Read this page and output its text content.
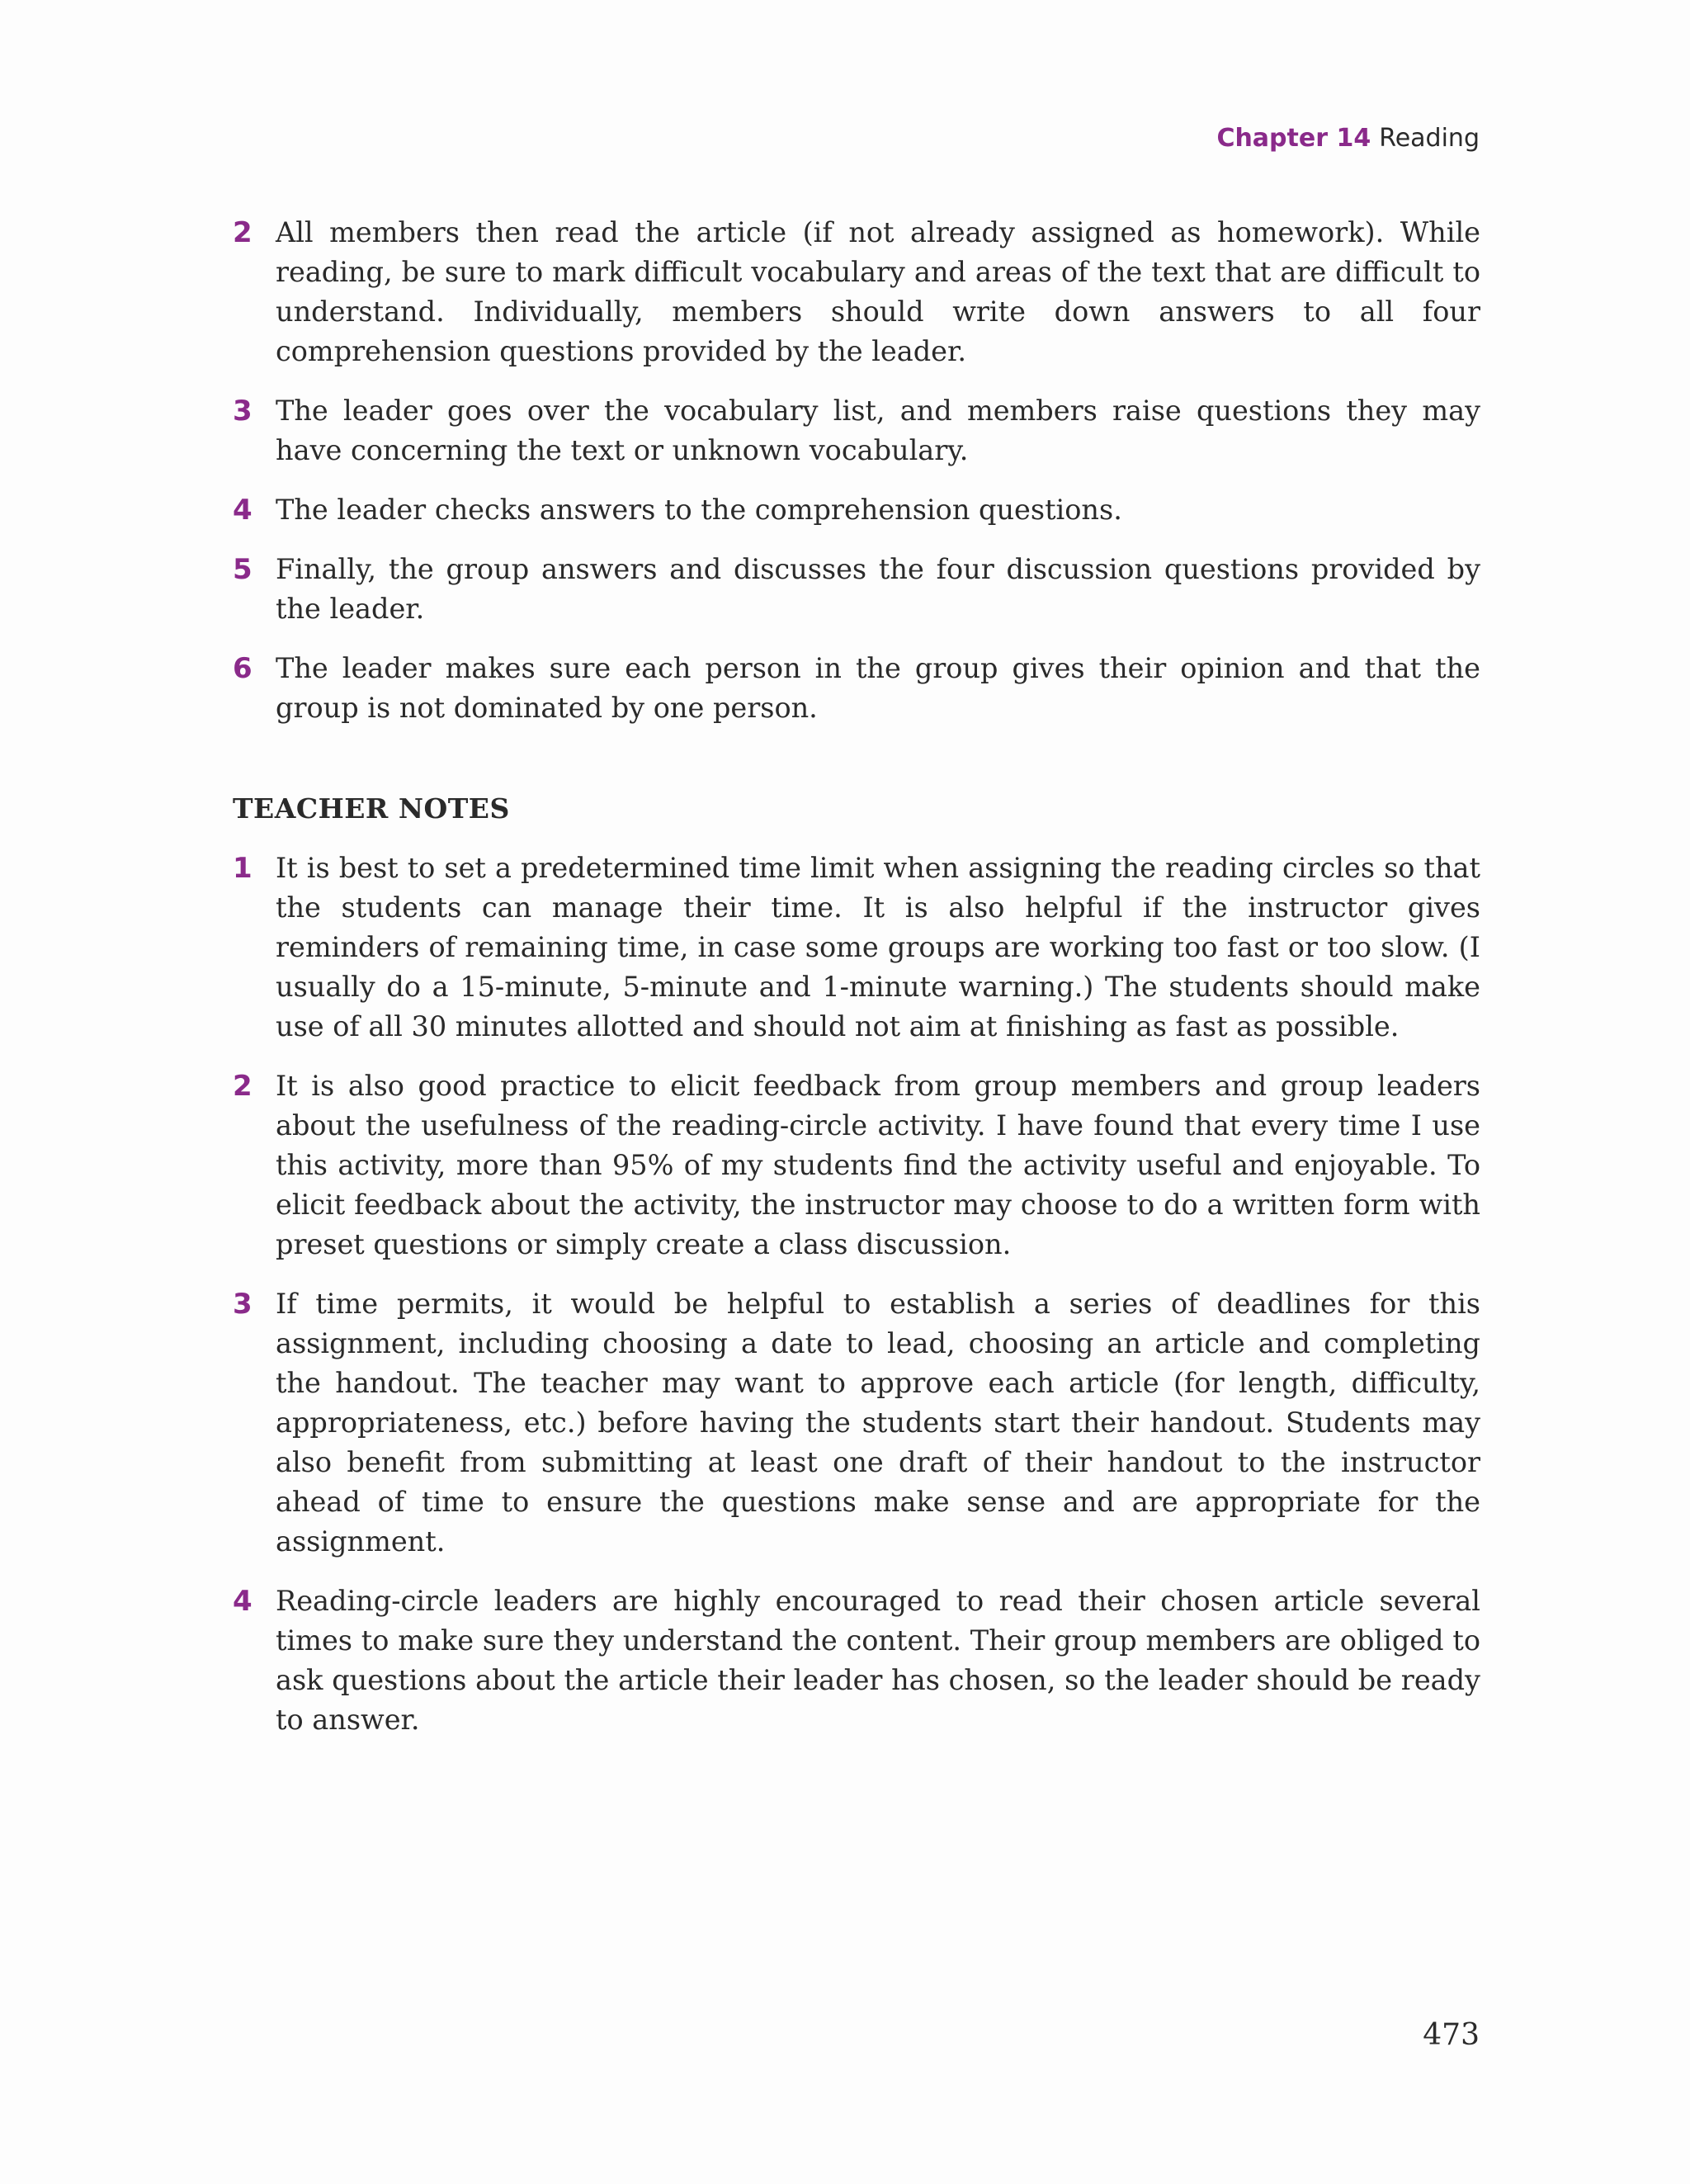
Chapter 14 Reading
2 All members then read the article (if not already assigned as homework). While reading, be sure to mark difficult vocabulary and areas of the text that are difficult to understand. Individually, members should write down answers to all four comprehension questions provided by the leader.
3 The leader goes over the vocabulary list, and members raise questions they may have concerning the text or unknown vocabulary.
4 The leader checks answers to the comprehension questions.
5 Finally, the group answers and discusses the four discussion questions provided by the leader.
6 The leader makes sure each person in the group gives their opinion and that the group is not dominated by one person.
TEACHER NOTES
1 It is best to set a predetermined time limit when assigning the reading circles so that the students can manage their time. It is also helpful if the instructor gives reminders of remaining time, in case some groups are working too fast or too slow. (I usually do a 15-minute, 5-minute and 1-minute warning.) The students should make use of all 30 minutes allotted and should not aim at finishing as fast as possible.
2 It is also good practice to elicit feedback from group members and group leaders about the usefulness of the reading-circle activity. I have found that every time I use this activity, more than 95% of my students find the activity useful and enjoyable. To elicit feedback about the activity, the instructor may choose to do a written form with preset questions or simply create a class discussion.
3 If time permits, it would be helpful to establish a series of deadlines for this assignment, including choosing a date to lead, choosing an article and completing the handout. The teacher may want to approve each article (for length, difficulty, appropriateness, etc.) before having the students start their handout. Students may also benefit from submitting at least one draft of their handout to the instructor ahead of time to ensure the questions make sense and are appropriate for the assignment.
4 Reading-circle leaders are highly encouraged to read their chosen article several times to make sure they understand the content. Their group members are obliged to ask questions about the article their leader has chosen, so the leader should be ready to answer.
473
